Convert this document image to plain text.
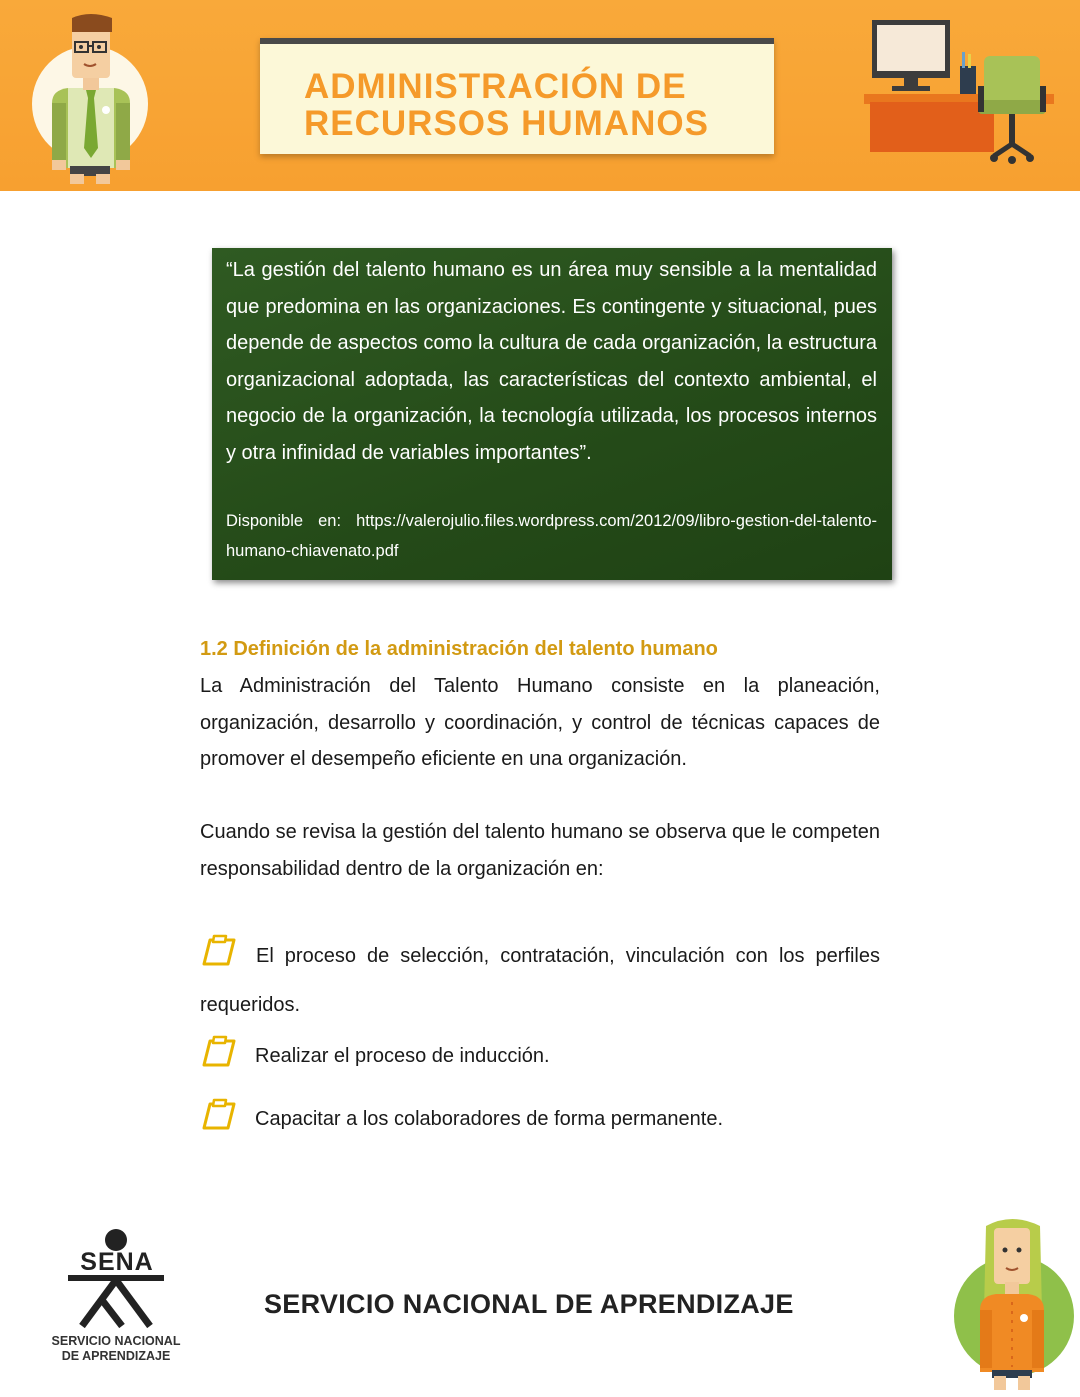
ADMINISTRACIÓN DE
RECURSOS HUMANOS

“La gestión del talento humano es un área muy sensible a la mentalidad que predomina en las organizaciones. Es contingente y situacional, pues depende de aspectos como la cultura de cada organización, la estructura organizacional adoptada, las características del contexto ambiental, el negocio de la organización, la tecnología utilizada, los procesos internos y otra infinidad de variables importantes”.

Disponible en: https://valerojulio.files.wordpress.com/2012/09/libro-gestion-del-talento-humano-chiavenato.pdf

1.2 Definición de la administración del talento humano

La Administración del Talento Humano consiste en la planeación, organización, desarrollo y coordinación, y control de técnicas capaces de promover el desempeño eficiente en una organización.

Cuando se revisa la gestión del talento humano se observa que le competen responsabilidad dentro de la organización en:

El proceso de selección, contratación, vinculación con los perfiles

requeridos.

Realizar el proceso de inducción.

Capacitar a los colaboradores de forma permanente.

SENA
SERVICIO NACIONAL
DE APRENDIZAJE
SERVICIO NACIONAL DE APRENDIZAJE
